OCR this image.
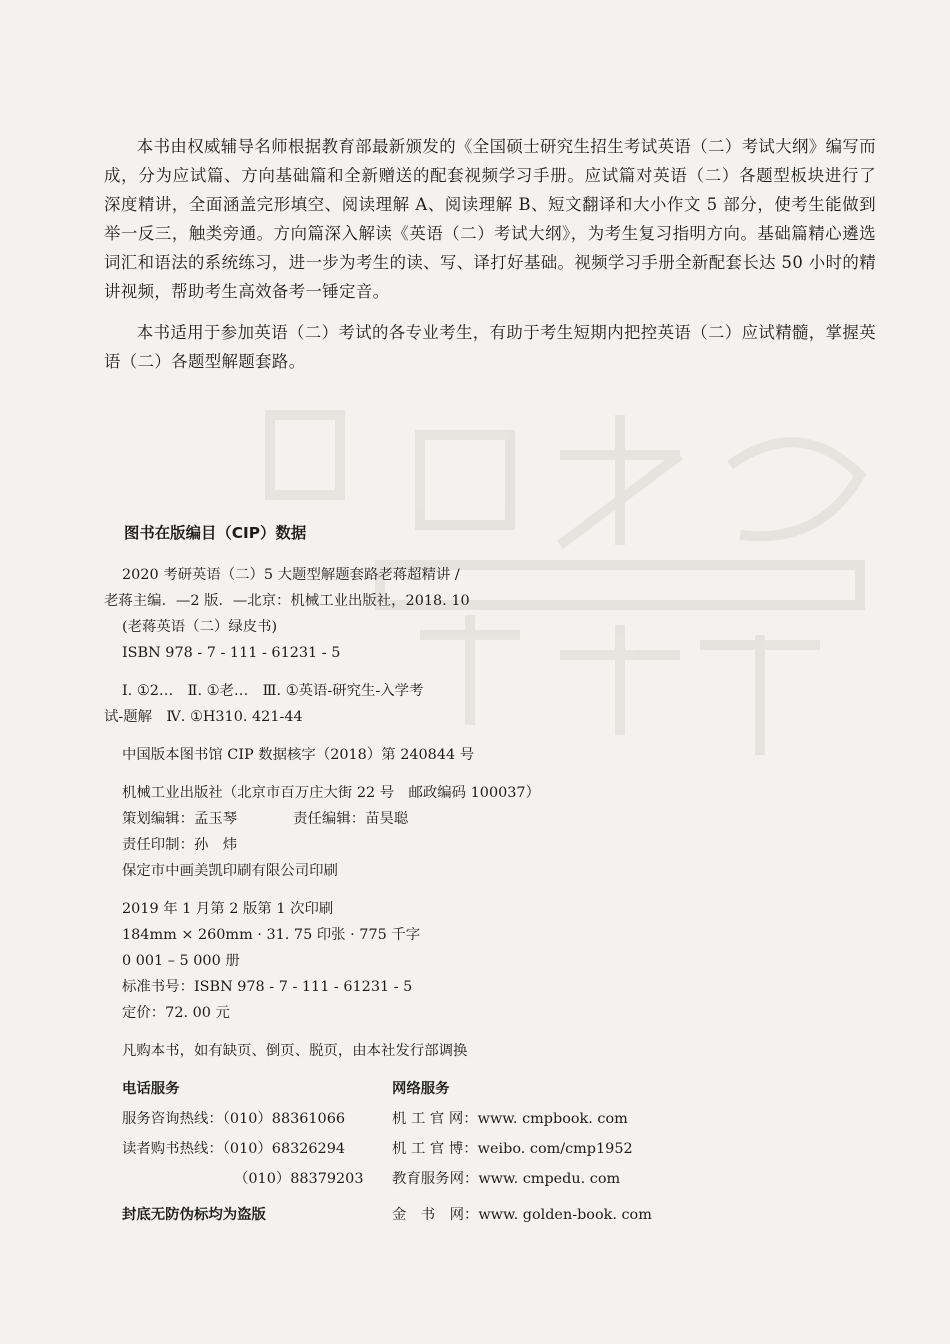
本书由权威辅导名师根据教育部最新颁发的《全国硕士研究生招生考试英语（二）考试大纲》编写而成，分为应试篇、方向基础篇和全新赠送的配套视频学习手册。应试篇对英语（二）各题型板块进行了深度精讲，全面涵盖完形填空、阅读理解 A、阅读理解 B、短文翻译和大小作文 5 部分，使考生能做到举一反三，触类旁通。方向篇深入解读《英语（二）考试大纲》，为考生复习指明方向。基础篇精心遴选词汇和语法的系统练习，进一步为考生的读、写、译打好基础。视频学习手册全新配套长达 50 小时的精讲视频，帮助考生高效备考一锤定音。

本书适用于参加英语（二）考试的各专业考生，有助于考生短期内把控英语（二）应试精髓，掌握英语（二）各题型解题套路。

图书在版编目（CIP）数据
2020 考研英语（二）5 大题型解题套路老蒋超精讲 /
老蒋主编．—2 版．—北京：机械工业出版社，2018. 10
(老蒋英语（二）绿皮书)
ISBN 978 - 7 - 111 - 61231 - 5
Ⅰ. ①2…　Ⅱ. ①老…　Ⅲ. ①英语-研究生-入学考
试-题解　Ⅳ. ①H310. 421-44
中国版本图书馆 CIP 数据核字（2018）第 240844 号
机械工业出版社（北京市百万庄大街 22 号　邮政编码 100037）
策划编辑：孟玉琴	责任编辑：苗昊聪
责任印制：孙　炜
保定市中画美凯印刷有限公司印刷
2019 年 1 月第 2 版第 1 次印刷
184mm × 260mm · 31. 75 印张 · 775 千字
0 001 – 5 000 册
标准书号：ISBN 978 - 7 - 111 - 61231 - 5
定价：72. 00 元
凡购本书，如有缺页、倒页、脱页，由本社发行部调换
电话服务	网络服务
服务咨询热线：（010）88361066	机 工 官 网：www. cmpbook. com
读者购书热线：（010）68326294	机 工 官 博：weibo. com/cmp1952
（010）88379203	教育服务网：www. cmpedu. com
封底无防伪标均为盗版	金　书　网：www. golden-book. com
